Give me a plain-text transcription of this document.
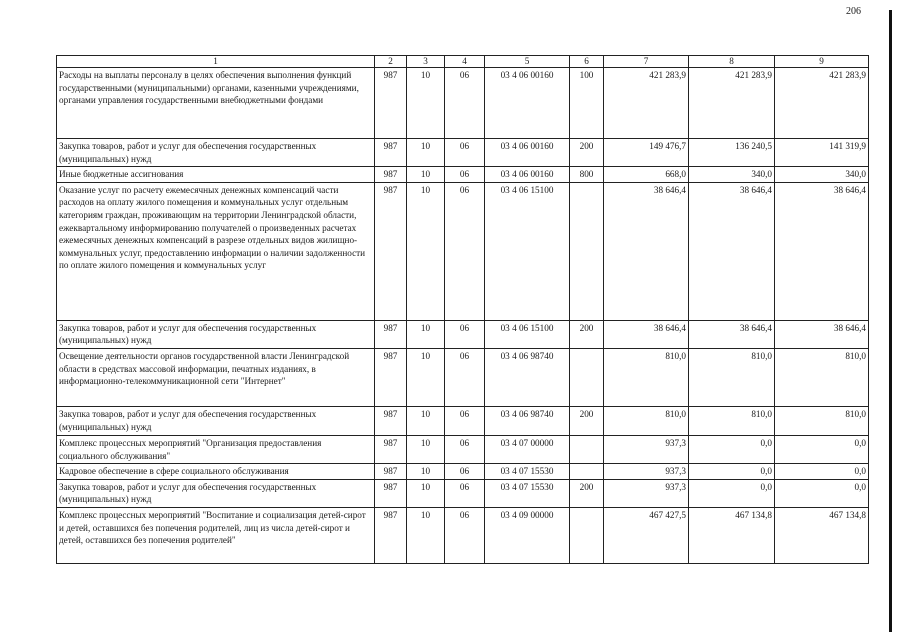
206
1	2	3	4	5	6	7	8	9
Расходы на выплаты персоналу в целях обеспечения выполнения функций государственными (муниципальными) органами, казенными учреждениями, органами управления государственными внебюджетными фондами	987	10	06	03 4 06 00160	100	421 283,9	421 283,9	421 283,9
Закупка товаров, работ и услуг для обеспечения государственных (муниципальных) нужд	987	10	06	03 4 06 00160	200	149 476,7	136 240,5	141 319,9
Иные бюджетные ассигнования	987	10	06	03 4 06 00160	800	668,0	340,0	340,0
Оказание услуг по расчету ежемесячных денежных компенсаций части расходов на оплату жилого помещения и коммунальных услуг отдельным категориям граждан, проживающим на территории Ленинградской области, ежеквартальному информированию получателей о произведенных расчетах ежемесячных денежных компенсаций в разрезе отдельных видов жилищно-коммунальных услуг, предоставлению информации о наличии задолженности по оплате жилого помещения и коммунальных услуг	987	10	06	03 4 06 15100		38 646,4	38 646,4	38 646,4
Закупка товаров, работ и услуг для обеспечения государственных (муниципальных) нужд	987	10	06	03 4 06 15100	200	38 646,4	38 646,4	38 646,4
Освещение деятельности органов государственной власти Ленинградской области в средствах массовой информации, печатных изданиях, в информационно-телекоммуникационной сети "Интернет"	987	10	06	03 4 06 98740		810,0	810,0	810,0
Закупка товаров, работ и услуг для обеспечения государственных (муниципальных) нужд	987	10	06	03 4 06 98740	200	810,0	810,0	810,0
Комплекс процессных мероприятий "Организация предоставления социального обслуживания"	987	10	06	03 4 07 00000		937,3	0,0	0,0
Кадровое обеспечение в сфере социального обслуживания	987	10	06	03 4 07 15530		937,3	0,0	0,0
Закупка товаров, работ и услуг для обеспечения государственных (муниципальных) нужд	987	10	06	03 4 07 15530	200	937,3	0,0	0,0
Комплекс процессных мероприятий "Воспитание и социализация детей-сирот и детей, оставшихся без попечения родителей, лиц из числа детей-сирот и детей, оставшихся без попечения родителей"	987	10	06	03 4 09 00000		467 427,5	467 134,8	467 134,8
